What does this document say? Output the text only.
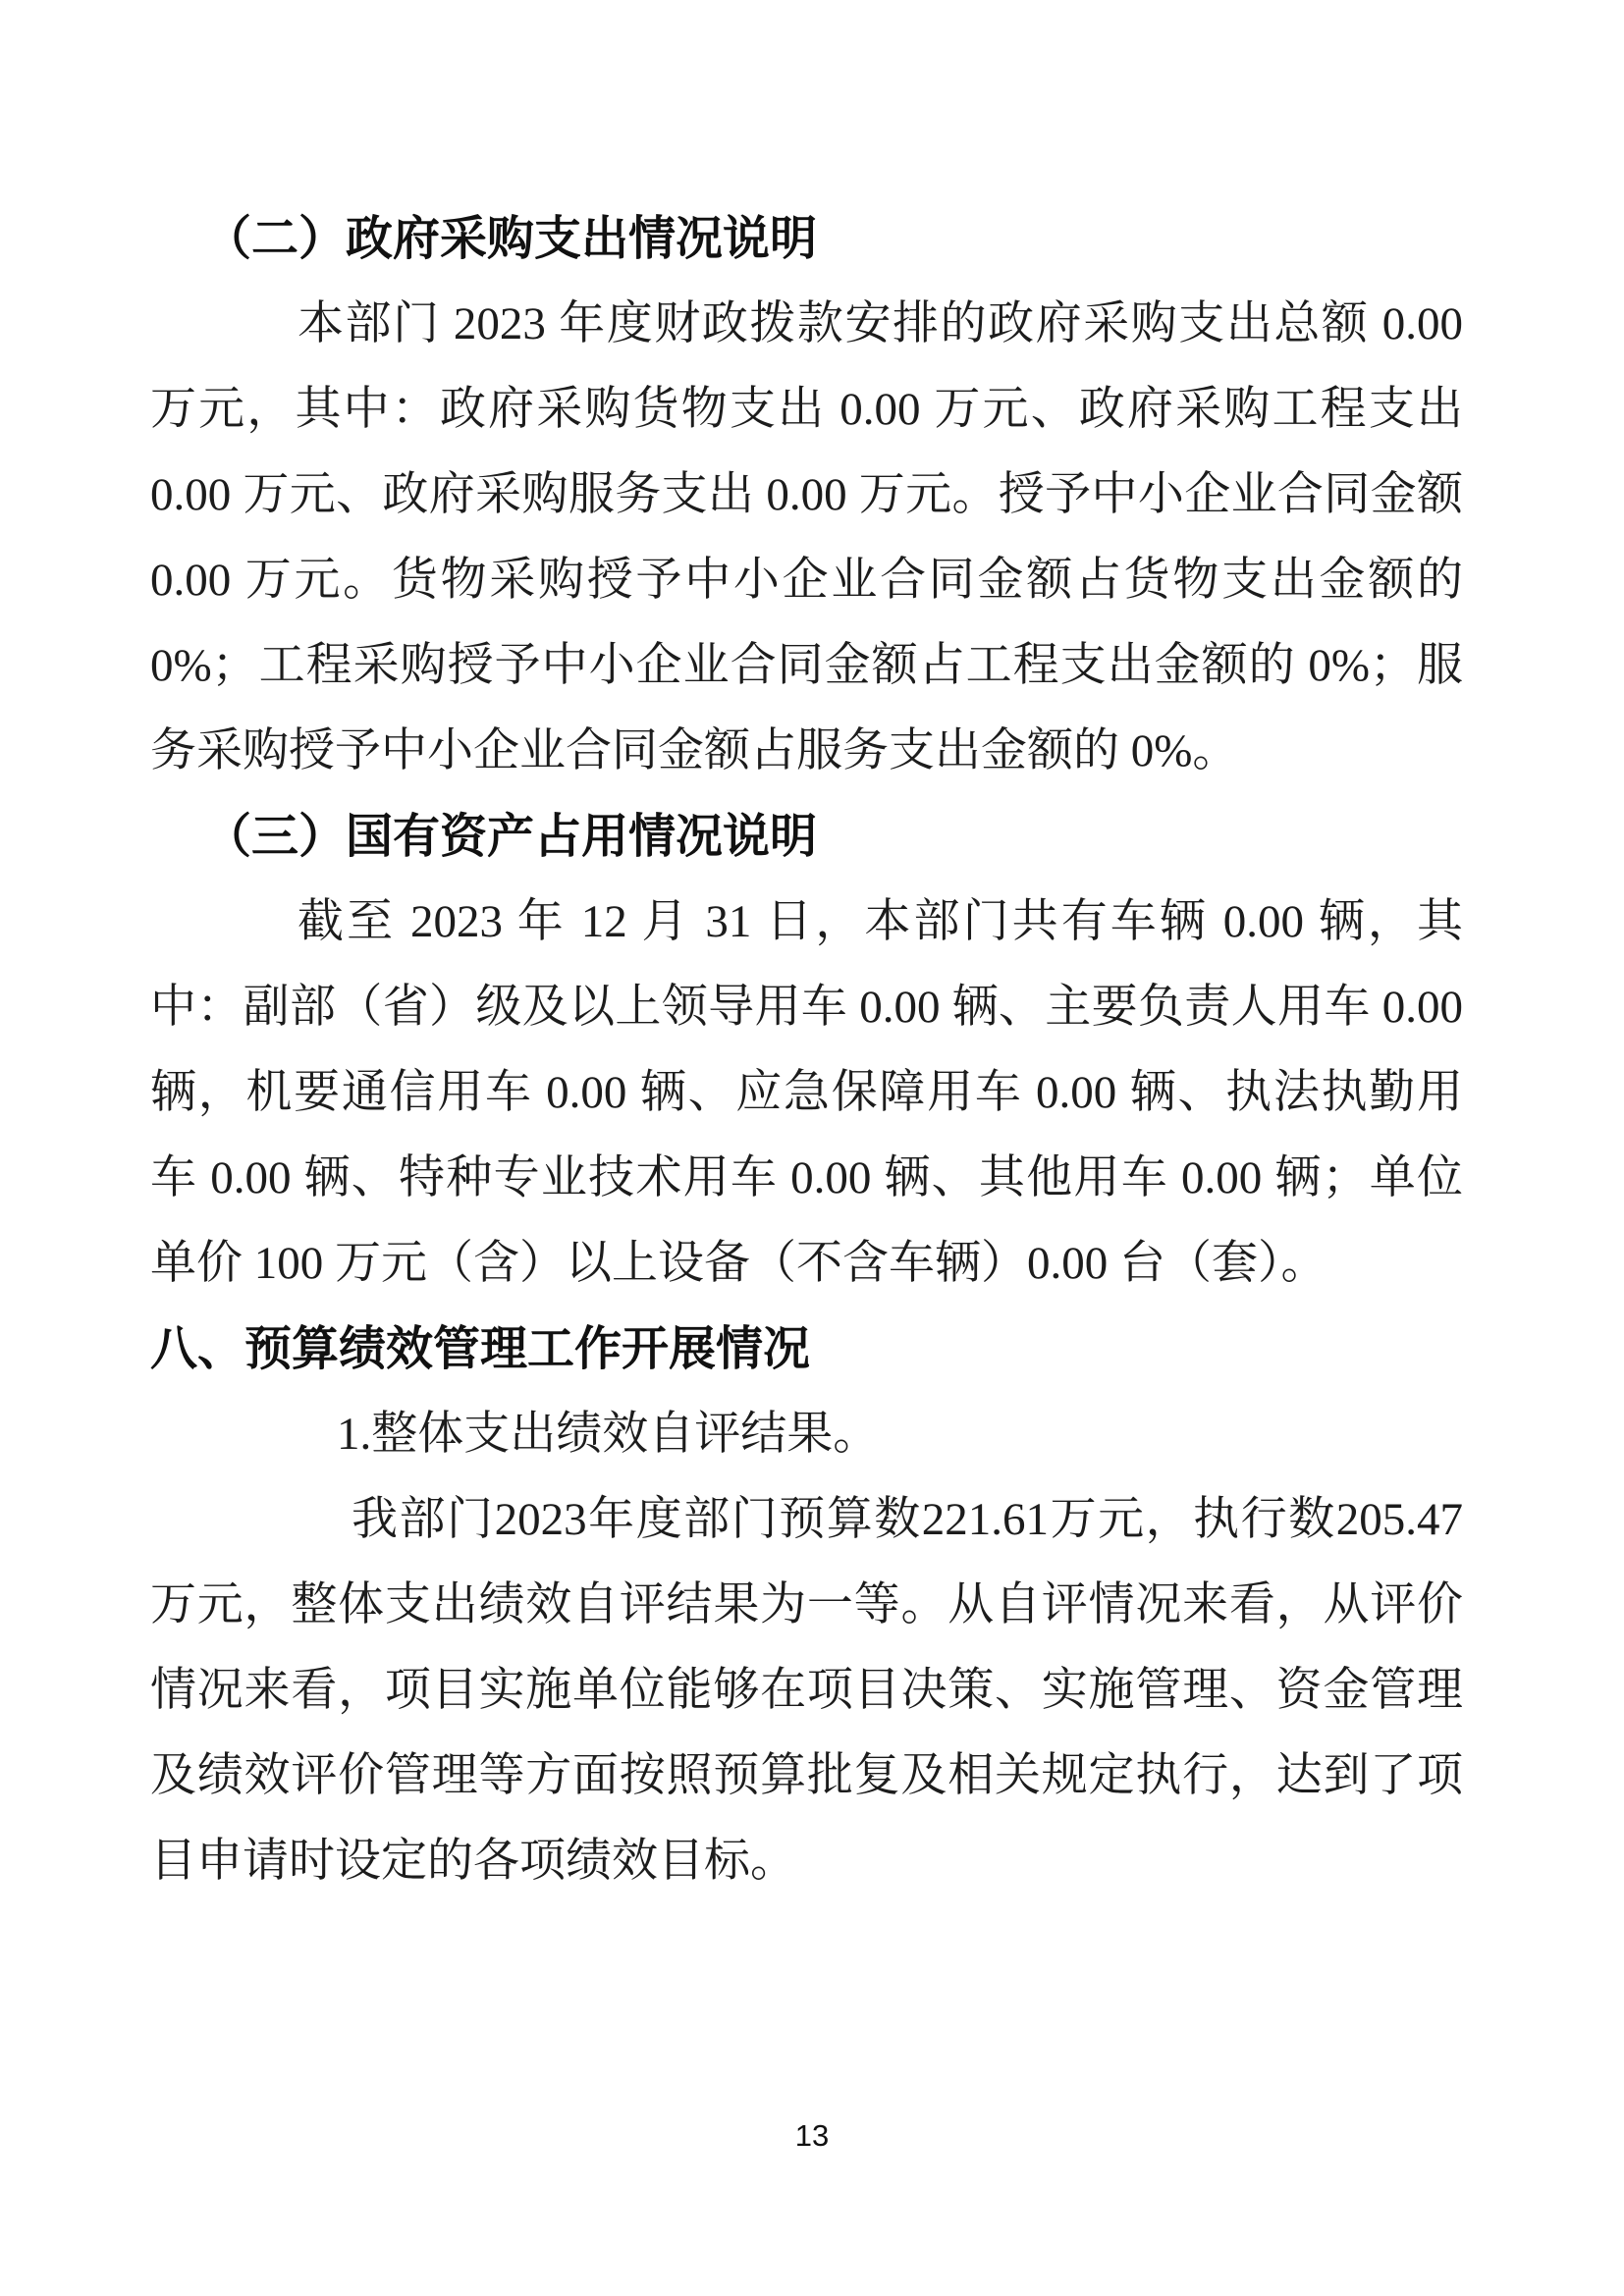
（二）政府采购支出情况说明

本部门 2023 年度财政拨款安排的政府采购支出总额 0.00 万元，其中：政府采购货物支出 0.00 万元、政府采购工程支出 0.00 万元、政府采购服务支出 0.00 万元。授予中小企业合同金额 0.00 万元。货物采购授予中小企业合同金额占货物支出金额的 0%；工程采购授予中小企业合同金额占工程支出金额的 0%；服务采购授予中小企业合同金额占服务支出金额的 0%。

（三）国有资产占用情况说明

截至 2023 年 12 月 31 日，本部门共有车辆 0.00 辆，其中：副部（省）级及以上领导用车 0.00 辆、主要负责人用车 0.00 辆，机要通信用车 0.00 辆、应急保障用车 0.00 辆、执法执勤用车 0.00 辆、特种专业技术用车 0.00 辆、其他用车 0.00 辆；单位单价 100 万元（含）以上设备（不含车辆）0.00 台（套）。

八、预算绩效管理工作开展情况

1.整体支出绩效自评结果。

我部门2023年度部门预算数221.61万元，执行数205.47万元，整体支出绩效自评结果为一等。从自评情况来看，从评价情况来看，项目实施单位能够在项目决策、实施管理、资金管理及绩效评价管理等方面按照预算批复及相关规定执行，达到了项目申请时设定的各项绩效目标。

13
